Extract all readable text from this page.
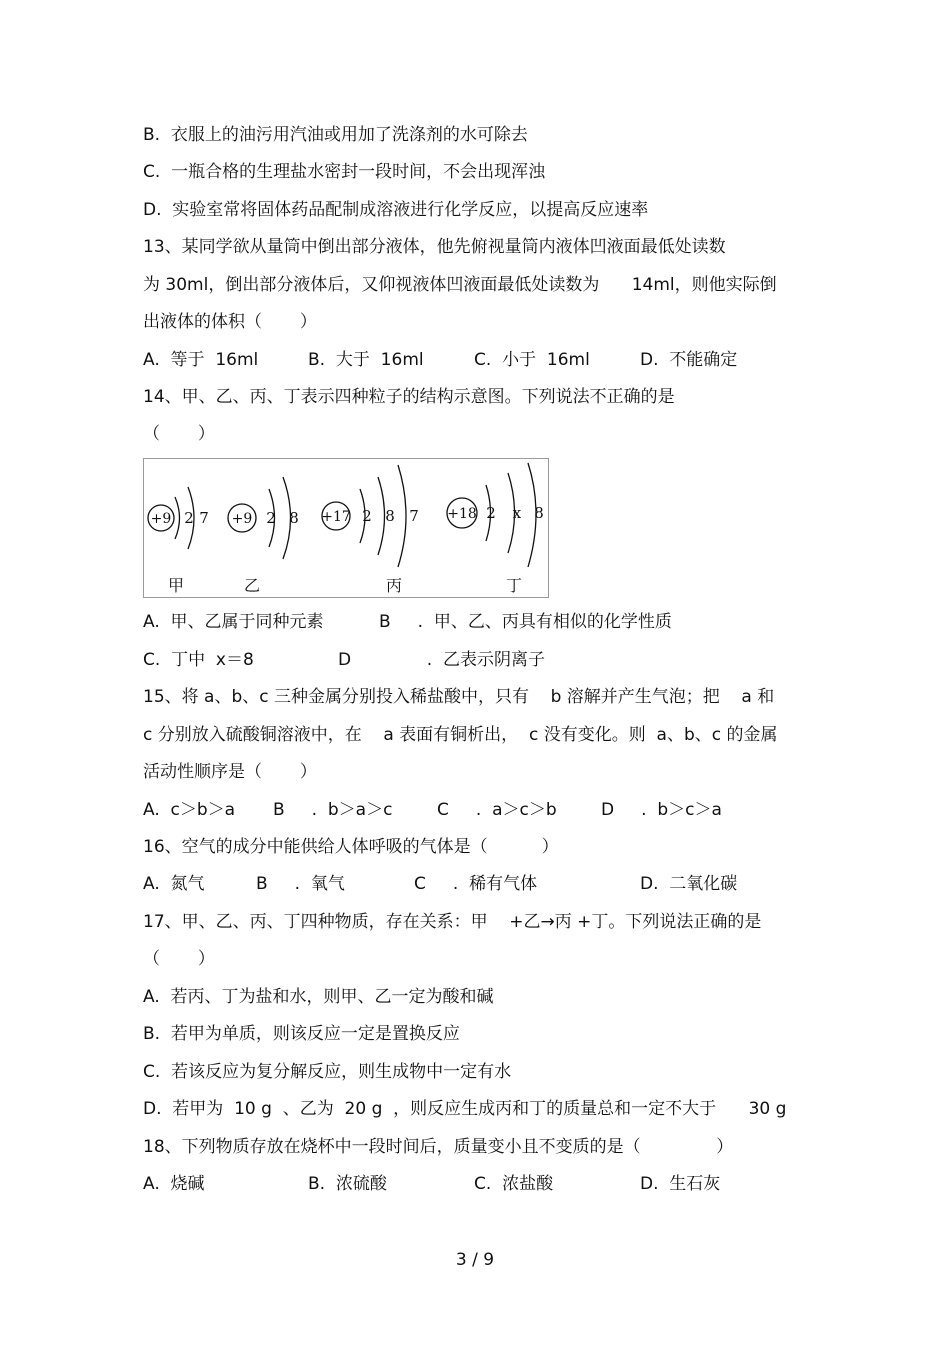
B.  衣服上的油污用汽油或用加了洗涤剂的水可除去
C.  一瓶合格的生理盐水密封一段时间，不会出现浑浊
D.  实验室常将固体药品配制成溶液进行化学反应，以提高反应速率
13、某同学欲从量筒中倒出部分液体，他先俯视量筒内液体凹液面最低处读数
为 30ml，倒出部分液体后，又仰视液体凹液面最低处读数为      14ml，则他实际倒
出液体的体积（       ）
A.  等于  16ml	B.  大于  16ml	C.  小于  16ml	D.  不能确定
14、甲、乙、丙、丁表示四种粒子的结构示意图。下列说法不正确的是
（       ）
+9 2 7 +9 2 8 +17 2 8 7 +18 2 x 8
甲	乙	丙	丁
A.  甲、乙属于同种元素	B     .  甲、乙、丙具有相似的化学性质
C.  丁中  x＝8	D              .  乙表示阴离子
15、将 a、b、c 三种金属分别投入稀盐酸中，只有    b 溶解并产生气泡；把    a 和
c 分别放入硫酸铜溶液中，在    a 表面有铜析出，  c 没有变化。则  a、b、c 的金属
活动性顺序是（       ）
A.  c＞b＞a B     .  b＞a＞c	C     .  a＞c＞b	D     .  b＞c＞a
16、空气的成分中能供给人体呼吸的气体是（          ）
A.  氮气	B     .  氧气	C     .  稀有气体	D.  二氧化碳
17、甲、乙、丙、丁四种物质，存在关系：甲    +乙→丙 +丁。下列说法正确的是
（       ）
A.  若丙、丁为盐和水，则甲、乙一定为酸和碱
B.  若甲为单质，则该反应一定是置换反应
C.  若该反应为复分解反应，则生成物中一定有水
D.  若甲为  10 g  、乙为  20 g  ，则反应生成丙和丁的质量总和一定不大于      30 g
18、下列物质存放在烧杯中一段时间后，质量变小且不变质的是（              ）
A.  烧碱	B.  浓硫酸	C.  浓盐酸	D.  生石灰
3 / 9
